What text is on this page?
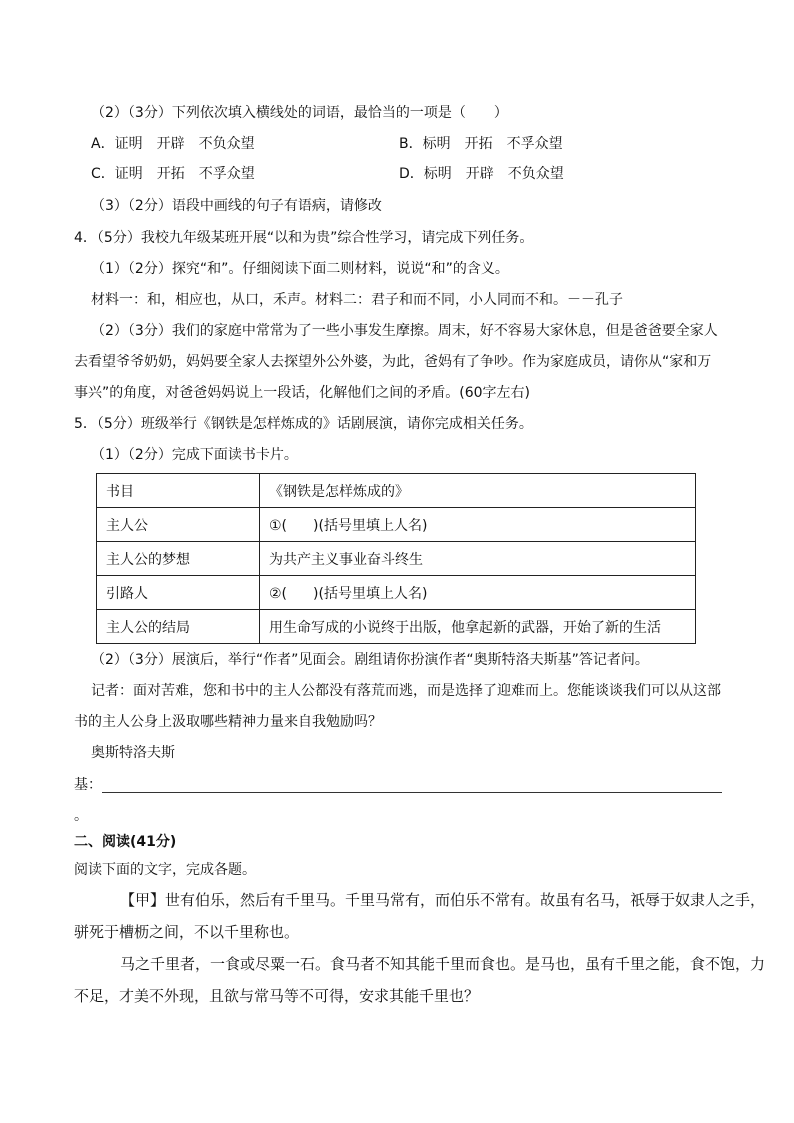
（2）（3分）下列依次填入横线处的词语，最恰当的一项是（　　）
A．证明　开辟　不负众望	B．标明　开拓　不孚众望
C．证明　开拓　不孚众望	D．标明　开辟　不负众望
（3）（2分）语段中画线的句子有语病，请修改
4．（5分）我校九年级某班开展“以和为贵”综合性学习，请完成下列任务。
（1）（2分）探究“和”。仔细阅读下面二则材料，说说“和”的含义。
材料一：和，相应也，从口，禾声。材料二：君子和而不同，小人同而不和。－－孔子
（2）（3分）我们的家庭中常常为了一些小事发生摩擦。周末，好不容易大家休息，但是爸爸要全家人
去看望爷爷奶奶，妈妈要全家人去探望外公外婆，为此，爸妈有了争吵。作为家庭成员，请你从“家和万
事兴”的角度，对爸爸妈妈说上一段话，化解他们之间的矛盾。(60字左右)
5．（5分）班级举行《钢铁是怎样炼成的》话剧展演，请你完成相关任务。
（1）（2分）完成下面读书卡片。
书目	《钢铁是怎样炼成的》
主人公	①( )(括号里填上人名)
主人公的梦想	为共产主义事业奋斗终生
引路人	②( )(括号里填上人名)
主人公的结局	用生命写成的小说终于出版，他拿起新的武器，开始了新的生活
（2）（3分）展演后，举行“作者”见面会。剧组请你扮演作者“奥斯特洛夫斯基”答记者问。
记者：面对苦难，您和书中的主人公都没有落荒而逃，而是选择了迎难而上。您能谈谈我们可以从这部
书的主人公身上汲取哪些精神力量来自我勉励吗？
奥斯特洛夫斯
基：
。
二、阅读(41分)
阅读下面的文字，完成各题。
【甲】世有伯乐，然后有千里马。千里马常有，而伯乐不常有。故虽有名马，祇辱于奴隶人之手，
骈死于槽枥之间，不以千里称也。
马之千里者，一食或尽粟一石。食马者不知其能千里而食也。是马也，虽有千里之能，食不饱，力
不足，才美不外现，且欲与常马等不可得，安求其能千里也？
